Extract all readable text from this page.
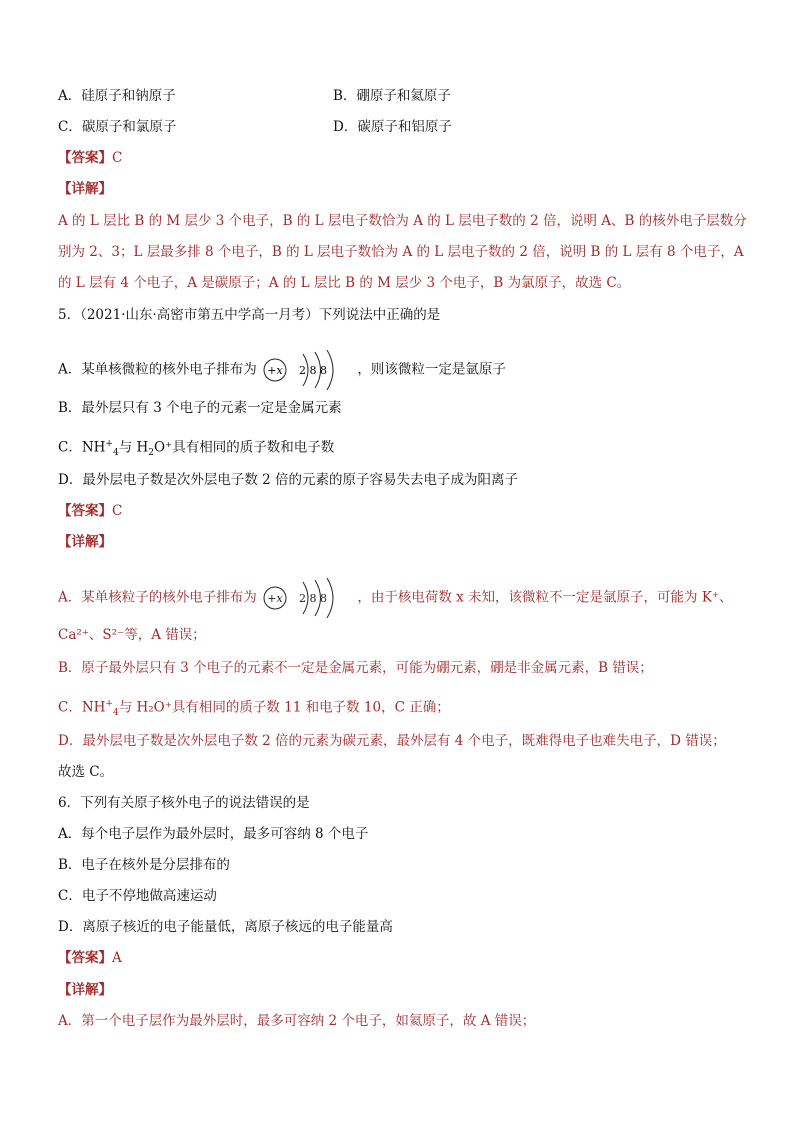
A．硅原子和钠原子	B．硼原子和氦原子
C．碳原子和氯原子	D．碳原子和铝原子
【答案】C
【详解】
A 的 L 层比 B 的 M 层少 3 个电子，B 的 L 层电子数恰为 A 的 L 层电子数的 2 倍，说明 A、B 的核外电子层数分
别为 2、3；L 层最多排 8 个电子，B 的 L 层电子数恰为 A 的 L 层电子数的 2 倍，说明 B 的 L 层有 8 个电子，A
的 L 层有 4 个电子，A 是碳原子；A 的 L 层比 B 的 M 层少 3 个电子，B 为氯原子，故选 C。
5．（2021·山东·高密市第五中学高一月考）下列说法中正确的是
A．某单核微粒的核外电子排布为 +x 2 8 8 ，则该微粒一定是氩原子
B．最外层只有 3 个电子的元素一定是金属元素
C．$NH^+_4$与 $H_2O^+$具有相同的质子数和电子数
D．最外层电子数是次外层电子数 2 倍的元素的原子容易失去电子成为阳离子
【答案】C
【详解】
A．某单核粒子的核外电子排布为 +x 2 8 8 ，由于核电荷数 x 未知，该微粒不一定是氩原子，可能为 K⁺、
Ca²⁺、S²⁻等，A 错误；
B．原子最外层只有 3 个电子的元素不一定是金属元素，可能为硼元素，硼是非金属元素，B 错误；
C．$NH^+_4$与 H₂O⁺具有相同的质子数 11 和电子数 10，C 正确；
D．最外层电子数是次外层电子数 2 倍的元素为碳元素，最外层有 4 个电子，既难得电子也难失电子，D 错误；
故选 C。
6．下列有关原子核外电子的说法错误的是
A．每个电子层作为最外层时，最多可容纳 8 个电子
B．电子在核外是分层排布的
C．电子不停地做高速运动
D．离原子核近的电子能量低，离原子核远的电子能量高
【答案】A
【详解】
A．第一个电子层作为最外层时，最多可容纳 2 个电子，如氦原子，故 A 错误；
